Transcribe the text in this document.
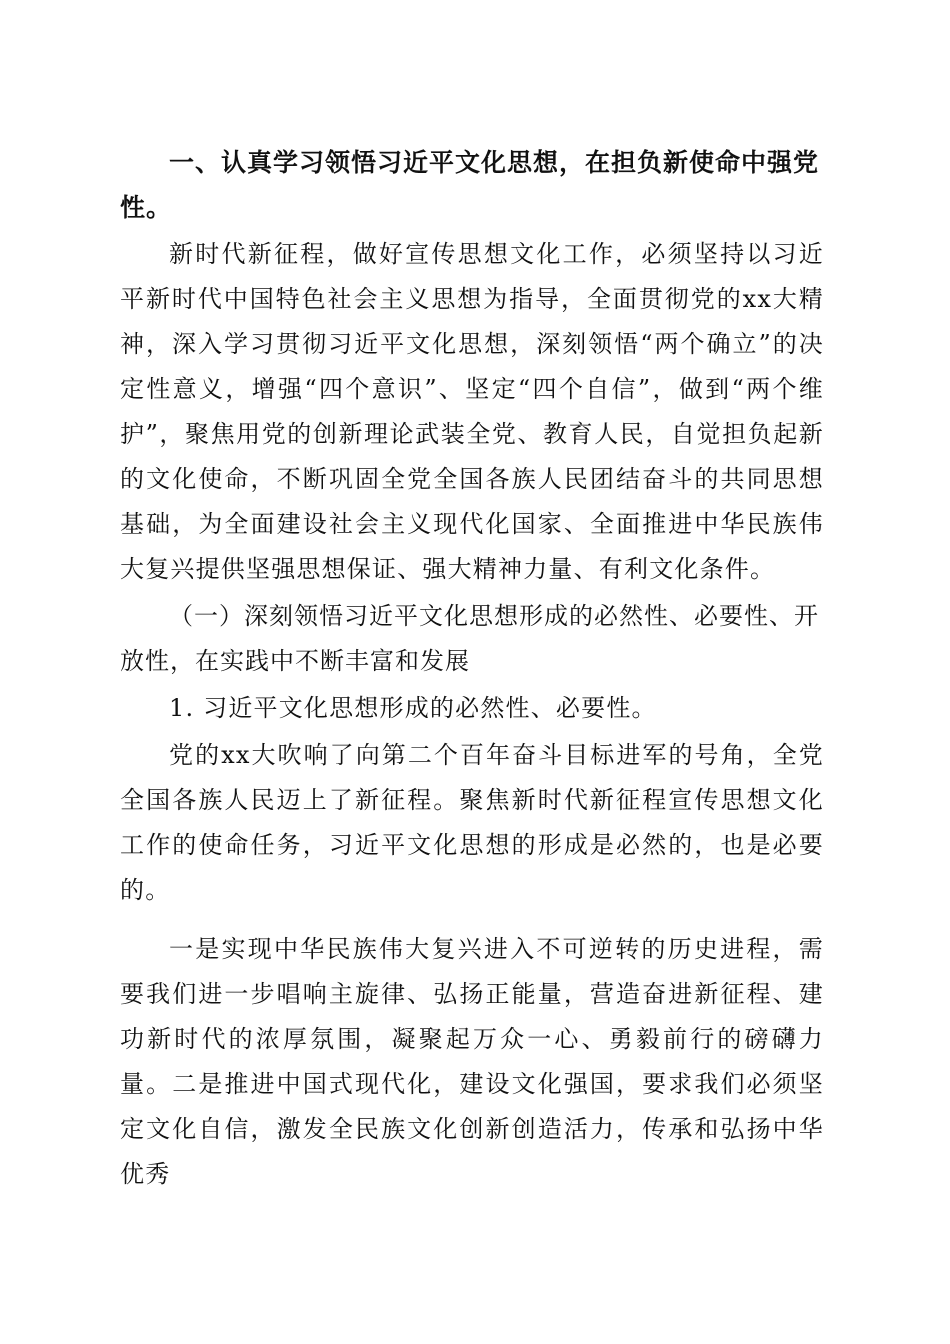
一、认真学习领悟习近平文化思想，在担负新使命中强党性。

新时代新征程，做好宣传思想文化工作，必须坚持以习近平新时代中国特色社会主义思想为指导，全面贯彻党的xx大精神，深入学习贯彻习近平文化思想，深刻领悟“两个确立”的决定性意义，增强“四个意识”、坚定“四个自信”，做到“两个维护”，聚焦用党的创新理论武装全党、教育人民，自觉担负起新的文化使命，不断巩固全党全国各族人民团结奋斗的共同思想基础，为全面建设社会主义现代化国家、全面推进中华民族伟大复兴提供坚强思想保证、强大精神力量、有利文化条件。

（一）深刻领悟习近平文化思想形成的必然性、必要性、开放性，在实践中不断丰富和发展

1. 习近平文化思想形成的必然性、必要性。

党的xx大吹响了向第二个百年奋斗目标进军的号角，全党全国各族人民迈上了新征程。聚焦新时代新征程宣传思想文化工作的使命任务，习近平文化思想的形成是必然的，也是必要的。

一是实现中华民族伟大复兴进入不可逆转的历史进程，需要我们进一步唱响主旋律、弘扬正能量，营造奋进新征程、建功新时代的浓厚氛围，凝聚起万众一心、勇毅前行的磅礴力量。二是推进中国式现代化，建设文化强国，要求我们必须坚定文化自信，激发全民族文化创新创造活力，传承和弘扬中华优秀
